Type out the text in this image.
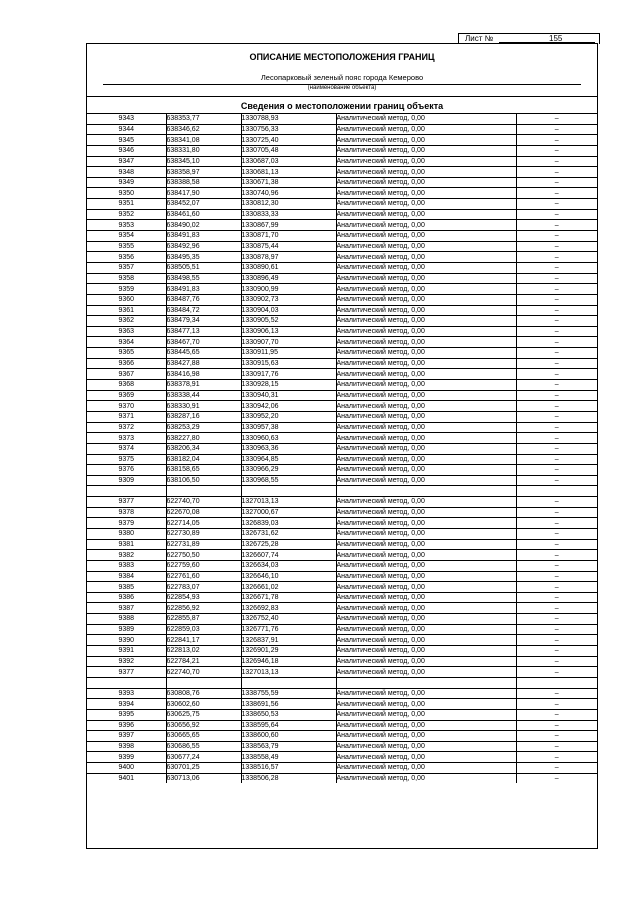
Лист №	155
ОПИСАНИЕ МЕСТОПОЛОЖЕНИЯ ГРАНИЦ
Лесопарковый зеленый пояс города Кемерово
(наименование объекта)
Сведения о местоположении границ объекта
9343	638353,77	1330788,93	Аналитический метод, 0,00	–
9344	638346,62	1330756,33	Аналитический метод, 0,00	–
9345	638341,08	1330725,40	Аналитический метод, 0,00	–
9346	638331,80	1330705,48	Аналитический метод, 0,00	–
9347	638345,10	1330687,03	Аналитический метод, 0,00	–
9348	638358,97	1330681,13	Аналитический метод, 0,00	–
9349	638388,58	1330671,38	Аналитический метод, 0,00	–
9350	638417,90	1330740,96	Аналитический метод, 0,00	–
9351	638452,07	1330812,30	Аналитический метод, 0,00	–
9352	638461,60	1330833,33	Аналитический метод, 0,00	–
9353	638490,02	1330867,99	Аналитический метод, 0,00	–
9354	638491,83	1330871,70	Аналитический метод, 0,00	–
9355	638492,96	1330875,44	Аналитический метод, 0,00	–
9356	638495,35	1330878,97	Аналитический метод, 0,00	–
9357	638505,51	1330890,61	Аналитический метод, 0,00	–
9358	638498,55	1330896,49	Аналитический метод, 0,00	–
9359	638491,83	1330900,99	Аналитический метод, 0,00	–
9360	638487,76	1330902,73	Аналитический метод, 0,00	–
9361	638484,72	1330904,03	Аналитический метод, 0,00	–
9362	638479,34	1330905,52	Аналитический метод, 0,00	–
9363	638477,13	1330906,13	Аналитический метод, 0,00	–
9364	638467,70	1330907,70	Аналитический метод, 0,00	–
9365	638445,65	1330911,95	Аналитический метод, 0,00	–
9366	638427,88	1330915,63	Аналитический метод, 0,00	–
9367	638416,98	1330917,76	Аналитический метод, 0,00	–
9368	638378,91	1330928,15	Аналитический метод, 0,00	–
9369	638338,44	1330940,31	Аналитический метод, 0,00	–
9370	638330,91	1330942,06	Аналитический метод, 0,00	–
9371	638287,16	1330952,20	Аналитический метод, 0,00	–
9372	638253,29	1330957,38	Аналитический метод, 0,00	–
9373	638227,80	1330960,63	Аналитический метод, 0,00	–
9374	638206,34	1330963,36	Аналитический метод, 0,00	–
9375	638182,04	1330964,85	Аналитический метод, 0,00	–
9376	638158,65	1330966,29	Аналитический метод, 0,00	–
9309	638106,50	1330968,55	Аналитический метод, 0,00	–

9377	622740,70	1327013,13	Аналитический метод, 0,00	–
9378	622670,08	1327000,67	Аналитический метод, 0,00	–
9379	622714,05	1326839,03	Аналитический метод, 0,00	–
9380	622730,89	1326731,62	Аналитический метод, 0,00	–
9381	622731,89	1326725,28	Аналитический метод, 0,00	–
9382	622750,50	1326607,74	Аналитический метод, 0,00	–
9383	622759,60	1326634,03	Аналитический метод, 0,00	–
9384	622761,60	1326646,10	Аналитический метод, 0,00	–
9385	622783,07	1326661,02	Аналитический метод, 0,00	–
9386	622854,93	1326671,78	Аналитический метод, 0,00	–
9387	622856,92	1326692,83	Аналитический метод, 0,00	–
9388	622855,87	1326752,40	Аналитический метод, 0,00	–
9389	622859,03	1326771,76	Аналитический метод, 0,00	–
9390	622841,17	1326837,91	Аналитический метод, 0,00	–
9391	622813,02	1326901,29	Аналитический метод, 0,00	–
9392	622784,21	1326946,18	Аналитический метод, 0,00	–
9377	622740,70	1327013,13	Аналитический метод, 0,00	–

9393	630808,76	1338755,59	Аналитический метод, 0,00	–
9394	630602,60	1338691,56	Аналитический метод, 0,00	–
9395	630625,75	1338650,53	Аналитический метод, 0,00	–
9396	630656,92	1338595,64	Аналитический метод, 0,00	–
9397	630665,65	1338600,60	Аналитический метод, 0,00	–
9398	630686,55	1338563,79	Аналитический метод, 0,00	–
9399	630677,24	1338558,49	Аналитический метод, 0,00	–
9400	630701,25	1338516,57	Аналитический метод, 0,00	–
9401	630713,06	1338506,28	Аналитический метод, 0,00	–
